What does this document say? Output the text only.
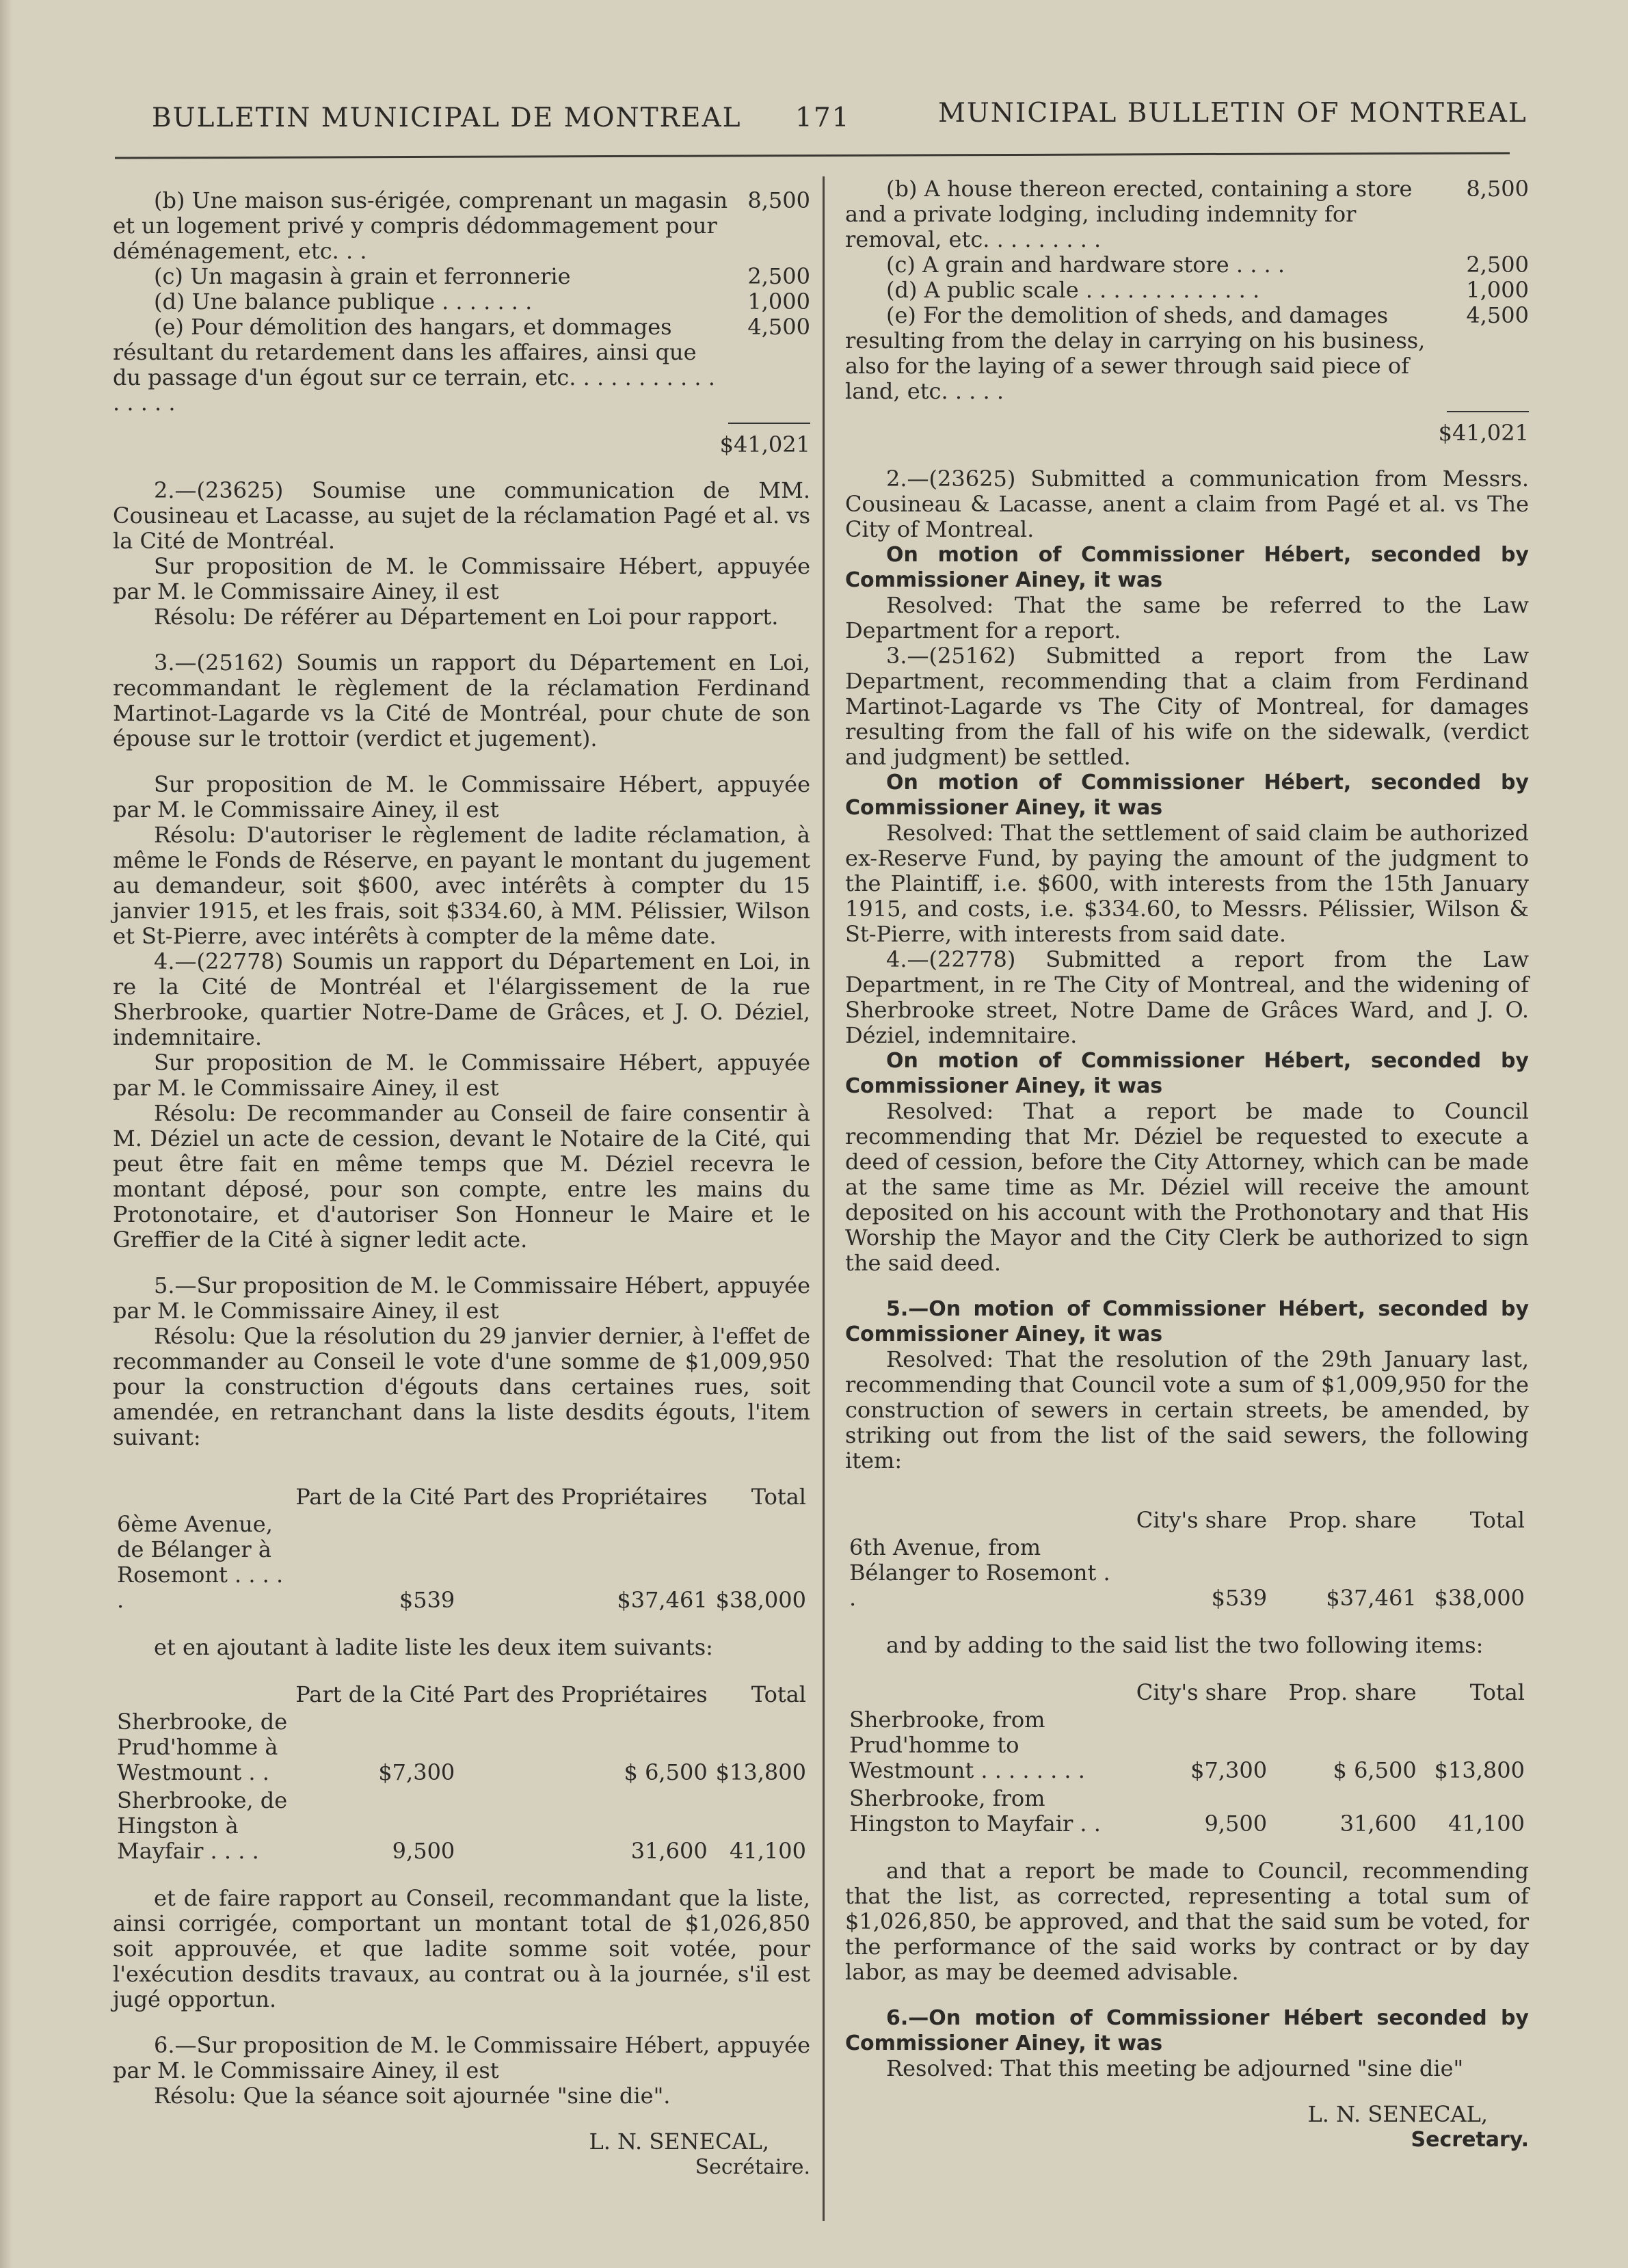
BULLETIN MUNICIPAL DE MONTREAL 171	MUNICIPAL BULLETIN OF MONTREAL

(b) Une maison sus-érigée, comprenant un magasin et un logement privé y compris dédommagement pour déménagement, etc. . .

8,500

(c) Un magasin à grain et ferronnerie	2,500

(d) Une balance publique . . . . . . .	1,000

(e) Pour démolition des hangars, et dommages résultant du retardement dans les affaires, ainsi que du passage d'un égout sur ce terrain, etc. . . . . . . . . . . . . . . .

4,500
$41,021

2.—(23625) Soumise une communication de MM. Cousineau et Lacasse, au sujet de la réclamation Pagé et al. vs la Cité de Montréal.

Sur proposition de M. le Commissaire Hébert, appuyée par M. le Commissaire Ainey, il est

Résolu: De référer au Département en Loi pour rapport.

3.—(25162) Soumis un rapport du Département en Loi, recommandant le règlement de la réclamation Ferdinand Martinot-Lagarde vs la Cité de Montréal, pour chute de son épouse sur le trottoir (verdict et jugement).

Sur proposition de M. le Commissaire Hébert, appuyée par M. le Commissaire Ainey, il est

Résolu: D'autoriser le règlement de ladite réclamation, à même le Fonds de Réserve, en payant le montant du jugement au demandeur, soit $600, avec intérêts à compter du 15 janvier 1915, et les frais, soit $334.60, à MM. Pélissier, Wilson et St-Pierre, avec intérêts à compter de la même date.

4.—(22778) Soumis un rapport du Département en Loi, in re la Cité de Montréal et l'élargissement de la rue Sherbrooke, quartier Notre-Dame de Grâces, et J. O. Déziel, indemnitaire.

Sur proposition de M. le Commissaire Hébert, appuyée par M. le Commissaire Ainey, il est

Résolu: De recommander au Conseil de faire consentir à M. Déziel un acte de cession, devant le Notaire de la Cité, qui peut être fait en même temps que M. Déziel recevra le montant déposé, pour son compte, entre les mains du Protonotaire, et d'autoriser Son Honneur le Maire et le Greffier de la Cité à signer ledit acte.

5.—Sur proposition de M. le Commissaire Hébert, appuyée par M. le Commissaire Ainey, il est

Résolu: Que la résolution du 29 janvier dernier, à l'effet de recommander au Conseil le vote d'une somme de $1,009,950 pour la construction d'égouts dans certaines rues, soit amendée, en retranchant dans la liste desdits égouts, l'item suivant:

	Part de la Cité	Part des Propriétaires	Total
6ème Avenue, de Bélanger à Rosemont . . . . .	$539	$37,461	$38,000

et en ajoutant à ladite liste les deux item suivants:

	Part de la Cité	Part des Propriétaires	Total
Sherbrooke, de Prud'homme à Westmount . .	$7,300	$ 6,500	$13,800
Sherbrooke, de Hingston à Mayfair . . . .	9,500	31,600	41,100

et de faire rapport au Conseil, recommandant que la liste, ainsi corrigée, comportant un montant total de $1,026,850 soit approuvée, et que ladite somme soit votée, pour l'exécution desdits travaux, au contrat ou à la journée, s'il est jugé opportun.

6.—Sur proposition de M. le Commissaire Hébert, appuyée par M. le Commissaire Ainey, il est

Résolu: Que la séance soit ajournée "sine die".

L. N. SENECAL,
Secrétaire.

(b) A house thereon erected, containing a store and a private lodging, including indemnity for removal, etc. . . . . . . . .

8,500

(c) A grain and hardware store . . . .	2,500

(d) A public scale . . . . . . . . . . . . .	1,000

(e) For the demolition of sheds, and damages resulting from the delay in carrying on his business, also for the laying of a sewer through said piece of land, etc. . . . .

4,500
$41,021

2.—(23625) Submitted a communication from Messrs. Cousineau & Lacasse, anent a claim from Pagé et al. vs The City of Montreal.

On motion of Commissioner Hébert, seconded by Commissioner Ainey, it was

Resolved: That the same be referred to the Law Department for a report.

3.—(25162) Submitted a report from the Law Department, recommending that a claim from Ferdinand Martinot-Lagarde vs The City of Montreal, for damages resulting from the fall of his wife on the sidewalk, (verdict and judgment) be settled.

On motion of Commissioner Hébert, seconded by Commissioner Ainey, it was

Resolved: That the settlement of said claim be authorized ex-Reserve Fund, by paying the amount of the judgment to the Plaintiff, i.e. $600, with interests from the 15th January 1915, and costs, i.e. $334.60, to Messrs. Pélissier, Wilson & St-Pierre, with interests from said date.

4.—(22778) Submitted a report from the Law Department, in re The City of Montreal, and the widening of Sherbrooke street, Notre Dame de Grâces Ward, and J. O. Déziel, indemnitaire.

On motion of Commissioner Hébert, seconded by Commissioner Ainey, it was

Resolved: That a report be made to Council recommending that Mr. Déziel be requested to execute a deed of cession, before the City Attorney, which can be made at the same time as Mr. Déziel will receive the amount deposited on his account with the Prothonotary and that His Worship the Mayor and the City Clerk be authorized to sign the said deed.

5.—On motion of Commissioner Hébert, seconded by Commissioner Ainey, it was

Resolved: That the resolution of the 29th January last, recommending that Council vote a sum of $1,009,950 for the construction of sewers in certain streets, be amended, by striking out from the list of the said sewers, the following item:

	City's share	Prop. share	Total
6th Avenue, from Bélanger to Rosemont . .	$539	$37,461	$38,000

and by adding to the said list the two following items:

	City's share	Prop. share	Total
Sherbrooke, from Prud'homme to Westmount . . . . . . . .	$7,300	$ 6,500	$13,800
Sherbrooke, from Hingston to Mayfair . .	9,500	31,600	41,100

and that a report be made to Council, recommending that the list, as corrected, representing a total sum of $1,026,850, be approved, and that the said sum be voted, for the performance of the said works by contract or by day labor, as may be deemed advisable.

6.—On motion of Commissioner Hébert seconded by Commissioner Ainey, it was

Resolved: That this meeting be adjourned "sine die"

L. N. SENECAL,
Secretary.
